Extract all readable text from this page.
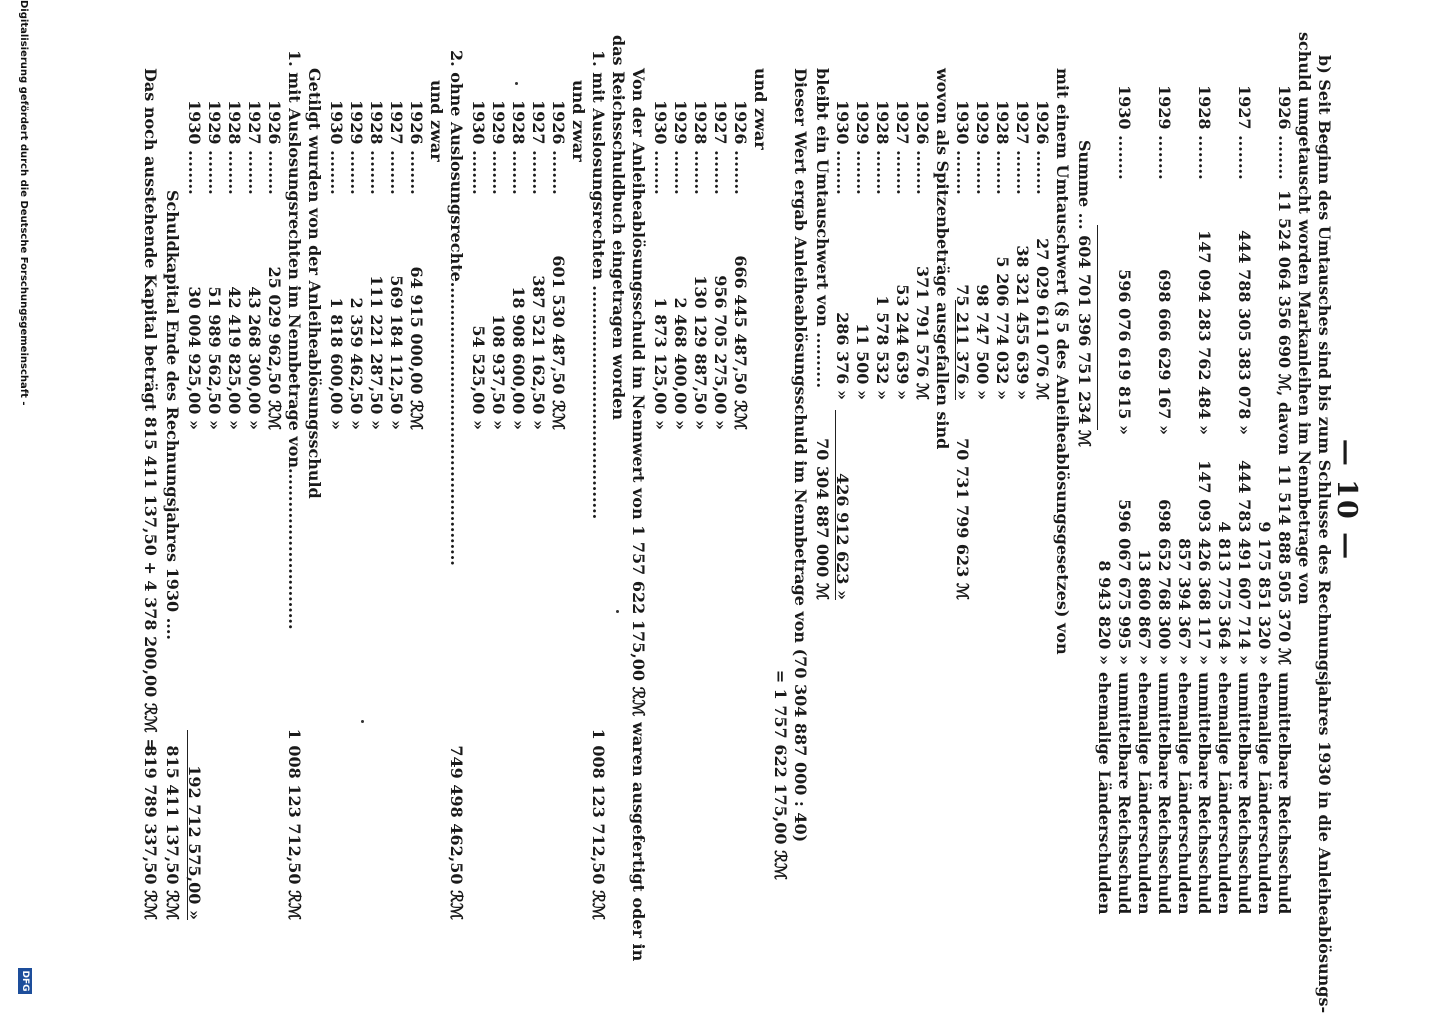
— 10 —
b) Seit Beginn des Umtausches sind bis zum Schlusse des Rechnungsjahres 1930 in die Anleiheablösungs-
schuld umgetauscht worden Markanleihen im Nennbetrage von
1926 ........
11 524 064 356 690 ℳ, davon
11 514 888 505 370 ℳ
unmittelbare Reichsschuld
9 175 851 320 »
ehemalige Länderschulden
1927 ........
444 788 305 383 078 »
444 783 491 607 714 »
unmittelbare Reichsschuld
4 813 775 364 »
ehemalige Länderschulden
1928 ........
147 094 283 762 484 »
147 093 426 368 117 »
unmittelbare Reichsschuld
857 394 367 »
ehemalige Länderschulden
1929 ........
698 666 629 167 »
698 652 768 300 »
unmittelbare Reichsschuld
13 860 867 »
ehemalige Länderschulden
1930 ........
596 076 619 815 »
596 067 675 995 »
unmittelbare Reichsschuld
8 943 820 »
ehemalige Länderschulden
Summe ... 604 701 396 751 234 ℳ
mit einem Umtauschwert (§ 5 des Anleiheablösungsgesetzes) von
1926 ........
27 029 611 076 ℳ
1927 ........
38 321 455 639 »
1928 ........
5 206 774 032 »
1929 ........
98 747 500 »
1930 ........
75 211 376 »
70 731 799 623 ℳ
wovon als Spitzenbeträge ausgefallen sind
1926 ........
371 791 576 ℳ
1927 ........
53 244 639 »
1928 ........
1 578 532 »
1929 ........
11 500 »
1930 ........
286 376 »
426 912 623 »
bleibt ein Umtauschwert von ..........
70 304 887 000 ℳ
Dieser Wert ergab Anleiheablösungsschuld im Nennbetrage von (70 304 887 000 : 40)
= 1 757 622 175,00 ℛℳ
und zwar
1926 ........
666 445 487,50 ℛℳ
1927 ........
956 705 275,00 »
1928 ........
130 129 887,50 »
1929 ........
2 468 400,00 »
1930 ........
1 873 125,00 »
Von der Anleiheablösungsschuld im Nennwert von 1 757 622 175,00 ℛℳ waren ausgefertigt oder in
das Reichsschuldbuch eingetragen worden
1. mit Auslosungsrechten ..........................................
1 008 123 712,50 ℛℳ
und zwar
1926 ........
601 530 487,50 ℛℳ
1927 ........
387 521 162,50 »
1928 ........
18 908 600,00 »
1929 ........
108 937,50 »
1930 ........
54 525,00 »
2. ohne Auslosungsrechte...................................................
749 498 462,50 ℛℳ
und zwar
1926 ........
64 915 000,00 ℛℳ
1927 ........
569 184 112,50 »
1928 ........
111 221 287,50 »
1929 ........
2 359 462,50 »
1930 ........
1 818 600,00 »
Getilgt wurden von der Anleiheablösungsschuld
1. mit Auslosungsrechten im Nennbetrage von.............................
1 008 123 712,50 ℛℳ
1926 ........
25 029 962,50 ℛℳ
1927 ........
43 268 300,00 »
1928 ........
42 419 825,00 »
1929 ........
51 989 562,50 »
1930 ........
30 004 925,00 »
192 712 575,00 »
Schuldkapital Ende des Rechnungsjahres 1930 ....
815 411 137,50 ℛℳ
Das noch ausstehende Kapital beträgt 815 411 137,50 + 4 378 200,00 ℛℳ =
819 789 337,50 ℛℳ
Digitalisierung gefördert durch die Deutsche Forschungsgemeinschaft -
DFG
